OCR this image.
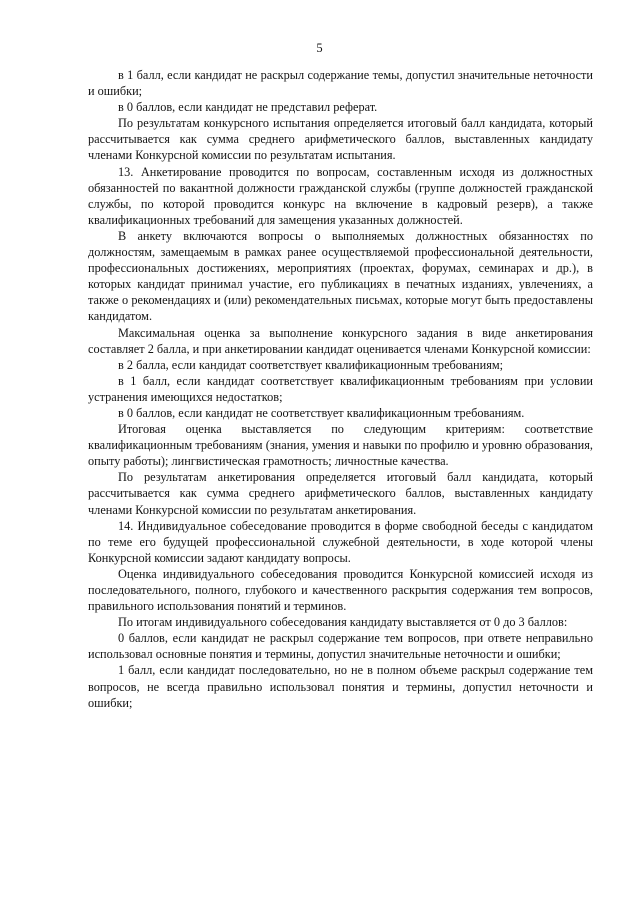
5

в 1 балл, если кандидат не раскрыл содержание темы, допустил значительные неточности и ошибки;

в 0 баллов, если кандидат не представил реферат.

По результатам конкурсного испытания определяется итоговый балл кандидата, который рассчитывается как сумма среднего арифметического баллов, выставленных кандидату членами Конкурсной комиссии по результатам испытания.

13. Анкетирование проводится по вопросам, составленным исходя из должностных обязанностей по вакантной должности гражданской службы (группе должностей гражданской службы, по которой проводится конкурс на включение в кадровый резерв), а также квалификационных требований для замещения указанных должностей.

В анкету включаются вопросы о выполняемых должностных обязанностях по должностям, замещаемым в рамках ранее осуществляемой профессиональной деятельности, профессиональных достижениях, мероприятиях (проектах, форумах, семинарах и др.), в которых кандидат принимал участие, его публикациях в печатных изданиях, увлечениях, а также о рекомендациях и (или) рекомендательных письмах, которые могут быть предоставлены кандидатом.

Максимальная оценка за выполнение конкурсного задания в виде анкетирования составляет 2 балла, и при анкетировании кандидат оценивается членами Конкурсной комиссии:

в 2 балла, если кандидат соответствует квалификационным требованиям;

в 1 балл, если кандидат соответствует квалификационным требованиям при условии устранения имеющихся недостатков;

в 0 баллов, если кандидат не соответствует квалификационным требованиям.

Итоговая оценка выставляется по следующим критериям: соответствие квалификационным требованиям (знания, умения и навыки по профилю и уровню образования, опыту работы); лингвистическая грамотность; личностные качества.

По результатам анкетирования определяется итоговый балл кандидата, который рассчитывается как сумма среднего арифметического баллов, выставленных кандидату членами Конкурсной комиссии по результатам анкетирования.

14. Индивидуальное собеседование проводится в форме свободной беседы с кандидатом по теме его будущей профессиональной служебной деятельности, в ходе которой члены Конкурсной комиссии задают кандидату вопросы.

Оценка индивидуального собеседования проводится Конкурсной комиссией исходя из последовательного, полного, глубокого и качественного раскрытия содержания тем вопросов, правильного использования понятий и терминов.

По итогам индивидуального собеседования кандидату выставляется от 0 до 3 баллов:

0 баллов, если кандидат не раскрыл содержание тем вопросов, при ответе неправильно использовал основные понятия и термины, допустил значительные неточности и ошибки;

1 балл, если кандидат последовательно, но не в полном объеме раскрыл содержание тем вопросов, не всегда правильно использовал понятия и термины, допустил неточности и ошибки;
